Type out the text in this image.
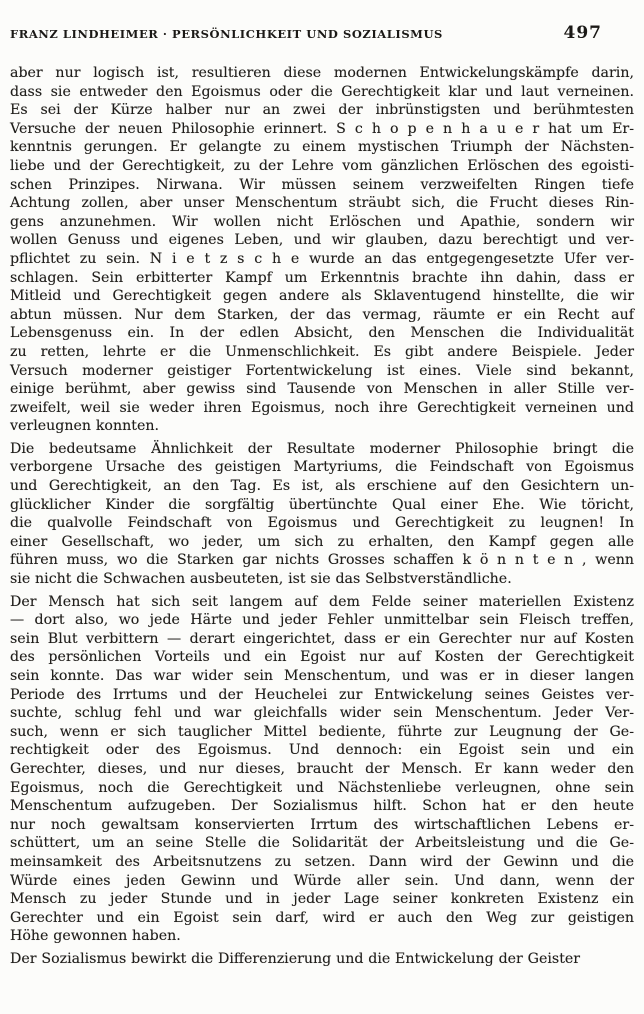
FRANZ LINDHEIMER · PERSÖNLICHKEIT UND SOZIALISMUS	497
aber nur logisch ist, resultieren diese modernen Entwickelungskämpfe darin,
dass sie entweder den Egoismus oder die Gerechtigkeit klar und laut verneinen.
Es sei der Kürze halber nur an zwei der inbrünstigsten und berühmtesten
Versuche der neuen Philosophie erinnert. S c h o p e n h a u e r hat um Er-
kenntnis gerungen. Er gelangte zu einem mystischen Triumph der Nächsten-
liebe und der Gerechtigkeit, zu der Lehre vom gänzlichen Erlöschen des egoisti-
schen Prinzipes. Nirwana. Wir müssen seinem verzweifelten Ringen tiefe
Achtung zollen, aber unser Menschentum sträubt sich, die Frucht dieses Rin-
gens anzunehmen. Wir wollen nicht Erlöschen und Apathie, sondern wir
wollen Genuss und eigenes Leben, und wir glauben, dazu berechtigt und ver-
pflichtet zu sein. N i e t z s c h e wurde an das entgegengesetzte Ufer ver-
schlagen. Sein erbitterter Kampf um Erkenntnis brachte ihn dahin, dass er
Mitleid und Gerechtigkeit gegen andere als Sklaventugend hinstellte, die wir
abtun müssen. Nur dem Starken, der das vermag, räumte er ein Recht auf
Lebensgenuss ein. In der edlen Absicht, den Menschen die Individualität
zu retten, lehrte er die Unmenschlichkeit. Es gibt andere Beispiele. Jeder
Versuch moderner geistiger Fortentwickelung ist eines. Viele sind bekannt,
einige berühmt, aber gewiss sind Tausende von Menschen in aller Stille ver-
zweifelt, weil sie weder ihren Egoismus, noch ihre Gerechtigkeit verneinen und
verleugnen konnten.
Die bedeutsame Ähnlichkeit der Resultate moderner Philosophie bringt die
verborgene Ursache des geistigen Martyriums, die Feindschaft von Egoismus
und Gerechtigkeit, an den Tag. Es ist, als erschiene auf den Gesichtern un-
glücklicher Kinder die sorgfältig übertünchte Qual einer Ehe. Wie töricht,
die qualvolle Feindschaft von Egoismus und Gerechtigkeit zu leugnen! In
einer Gesellschaft, wo jeder, um sich zu erhalten, den Kampf gegen alle
führen muss, wo die Starken gar nichts Grosses schaffen k ö n n t e n , wenn
sie nicht die Schwachen ausbeuteten, ist sie das Selbstverständliche.
Der Mensch hat sich seit langem auf dem Felde seiner materiellen Existenz
— dort also, wo jede Härte und jeder Fehler unmittelbar sein Fleisch treffen,
sein Blut verbittern — derart eingerichtet, dass er ein Gerechter nur auf Kosten
des persönlichen Vorteils und ein Egoist nur auf Kosten der Gerechtigkeit
sein konnte. Das war wider sein Menschentum, und was er in dieser langen
Periode des Irrtums und der Heuchelei zur Entwickelung seines Geistes ver-
suchte, schlug fehl und war gleichfalls wider sein Menschentum. Jeder Ver-
such, wenn er sich tauglicher Mittel bediente, führte zur Leugnung der Ge-
rechtigkeit oder des Egoismus. Und dennoch: ein Egoist sein und ein
Gerechter, dieses, und nur dieses, braucht der Mensch. Er kann weder den
Egoismus, noch die Gerechtigkeit und Nächstenliebe verleugnen, ohne sein
Menschentum aufzugeben. Der Sozialismus hilft. Schon hat er den heute
nur noch gewaltsam konservierten Irrtum des wirtschaftlichen Lebens er-
schüttert, um an seine Stelle die Solidarität der Arbeitsleistung und die Ge-
meinsamkeit des Arbeitsnutzens zu setzen. Dann wird der Gewinn und die
Würde eines jeden Gewinn und Würde aller sein. Und dann, wenn der
Mensch zu jeder Stunde und in jeder Lage seiner konkreten Existenz ein
Gerechter und ein Egoist sein darf, wird er auch den Weg zur geistigen
Höhe gewonnen haben.
Der Sozialismus bewirkt die Differenzierung und die Entwickelung der Geister
